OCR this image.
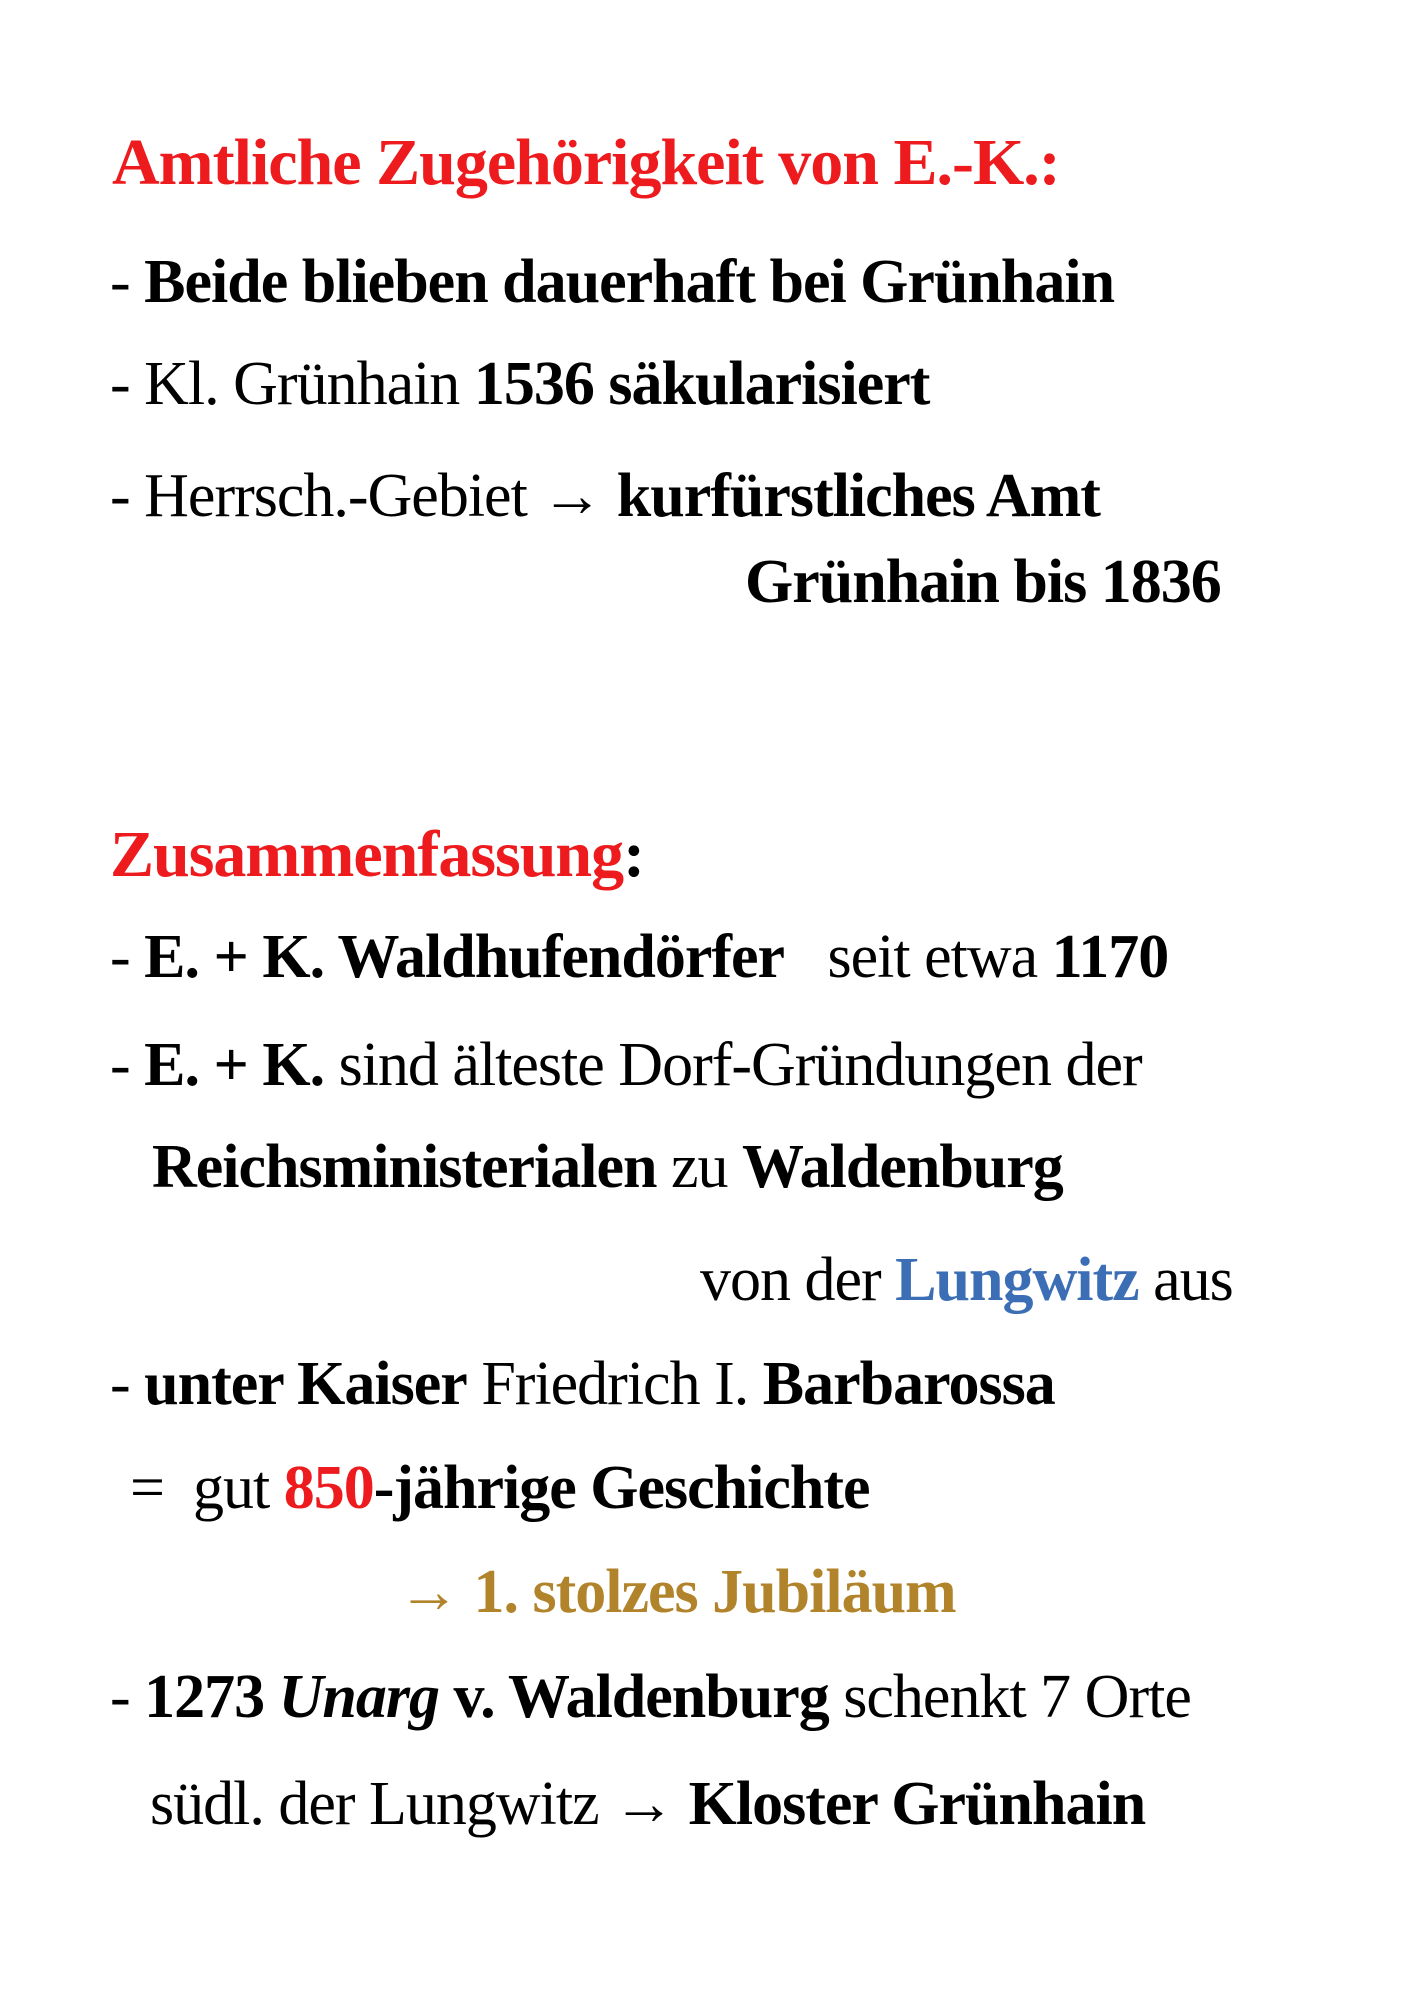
Amtliche Zugehörigkeit von E.-K.:
- Beide blieben dauerhaft bei Grünhain
- Kl. Grünhain 1536 säkularisiert
- Herrsch.-Gebiet → kurfürstliches Amt
Grünhain bis 1836
Zusammenfassung:
- E. + K. Waldhufendörfer   seit etwa 1170
- E. + K. sind älteste Dorf-Gründungen der
Reichsministerialen zu Waldenburg
von der Lungwitz aus
- unter Kaiser Friedrich I. Barbarossa
=  gut 850-jährige Geschichte
→ 1. stolzes Jubiläum
- 1273 Unarg v. Waldenburg schenkt 7 Orte
südl. der Lungwitz → Kloster Grünhain
